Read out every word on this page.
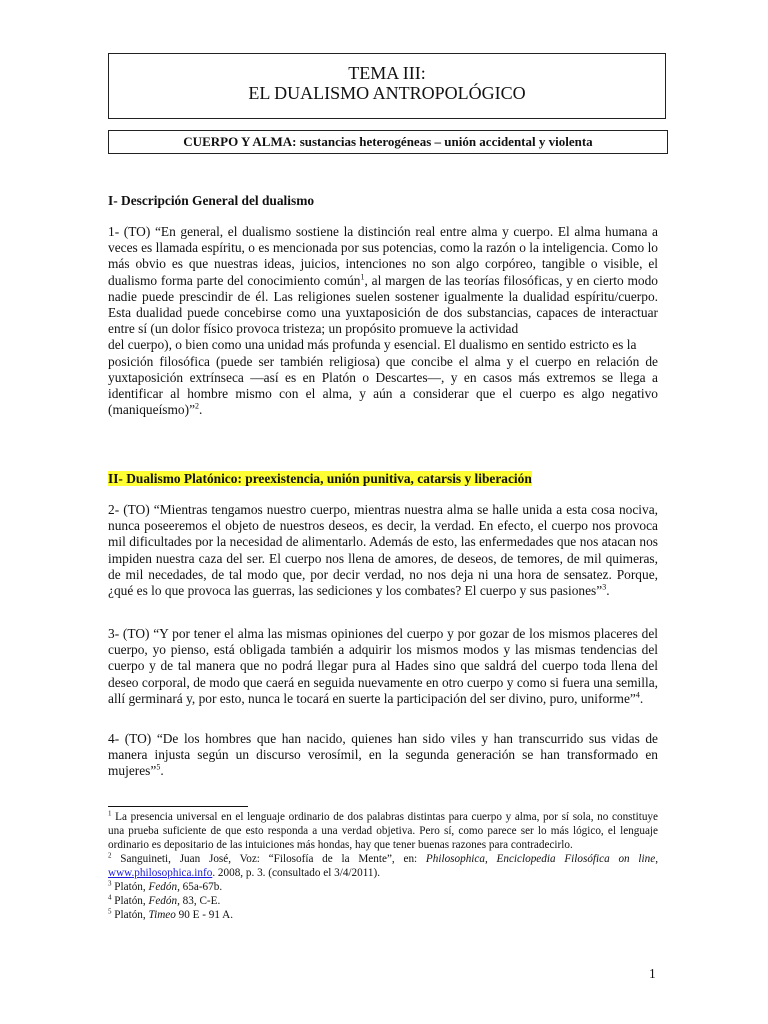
TEMA III:
EL DUALISMO ANTROPOLÓGICO
CUERPO Y ALMA: sustancias heterogéneas – unión accidental y violenta
I- Descripción General del dualismo

1- (TO) “En general, el dualismo sostiene la distinción real entre alma y cuerpo. El alma humana a veces es llamada espíritu, o es mencionada por sus potencias, como la razón o la inteligencia. Como lo más obvio es que nuestras ideas, juicios, intenciones no son algo corpóreo, tangible o visible, el dualismo forma parte del conocimiento común$^1$, al margen de las teorías filosóficas, y en cierto modo nadie puede prescindir de él. Las religiones suelen sostener igualmente la dualidad espíritu/cuerpo. Esta dualidad puede concebirse como una yuxtaposición de dos substancias, capaces de interactuar entre sí (un dolor físico provoca tristeza; un propósito promueve la actividad

del cuerpo), o bien como una unidad más profunda y esencial. El dualismo en sentido estricto es la

posición filosófica (puede ser también religiosa) que concibe el alma y el cuerpo en relación de yuxtaposición extrínseca —así es en Platón o Descartes—, y en casos más extremos se llega a identificar al hombre mismo con el alma, y aún a considerar que el cuerpo es algo negativo (maniqueísmo)”$^2$.

II- Dualismo Platónico: preexistencia, unión punitiva, catarsis y liberación

2- (TO) “Mientras tengamos nuestro cuerpo, mientras nuestra alma se halle unida a esta cosa nociva, nunca poseeremos el objeto de nuestros deseos, es decir, la verdad. En efecto, el cuerpo nos provoca mil dificultades por la necesidad de alimentarlo. Además de esto, las enfermedades que nos atacan nos impiden nuestra caza del ser. El cuerpo nos llena de amores, de deseos, de temores, de mil quimeras, de mil necedades, de tal modo que, por decir verdad, no nos deja ni una hora de sensatez. Porque, ¿qué es lo que provoca las guerras, las sediciones y los combates? El cuerpo y sus pasiones”$^3$.

3- (TO) “Y por tener el alma las mismas opiniones del cuerpo y por gozar de los mismos placeres del cuerpo, yo pienso, está obligada también a adquirir los mismos modos y las mismas tendencias del cuerpo y de tal manera que no podrá llegar pura al Hades sino que saldrá del cuerpo toda llena del deseo corporal, de modo que caerá en seguida nuevamente en otro cuerpo y como si fuera una semilla, allí germinará y, por esto, nunca le tocará en suerte la participación del ser divino, puro, uniforme”$^4$.

4- (TO) “De los hombres que han nacido, quienes han sido viles y han transcurrido sus vidas de manera injusta según un discurso verosímil, en la segunda generación se han transformado en mujeres”$^5$.

$^1$ La presencia universal en el lenguaje ordinario de dos palabras distintas para cuerpo y alma, por sí sola, no constituye una prueba suficiente de que esto responda a una verdad objetiva. Pero sí, como parece ser lo más lógico, el lenguaje ordinario es depositario de las intuiciones más hondas, hay que tener buenas razones para contradecirlo.

$^2$ Sanguineti, Juan José, Voz: “Filosofía de la Mente”, en: Philosophica, Enciclopedia Filosófica on line, www.philosophica.info. 2008, p. 3. (consultado el 3/4/2011).

$^3$ Platón, Fedón, 65a-67b.

$^4$ Platón, Fedón, 83, C-E.

$^5$ Platón, Timeo 90 E - 91 A.

1
